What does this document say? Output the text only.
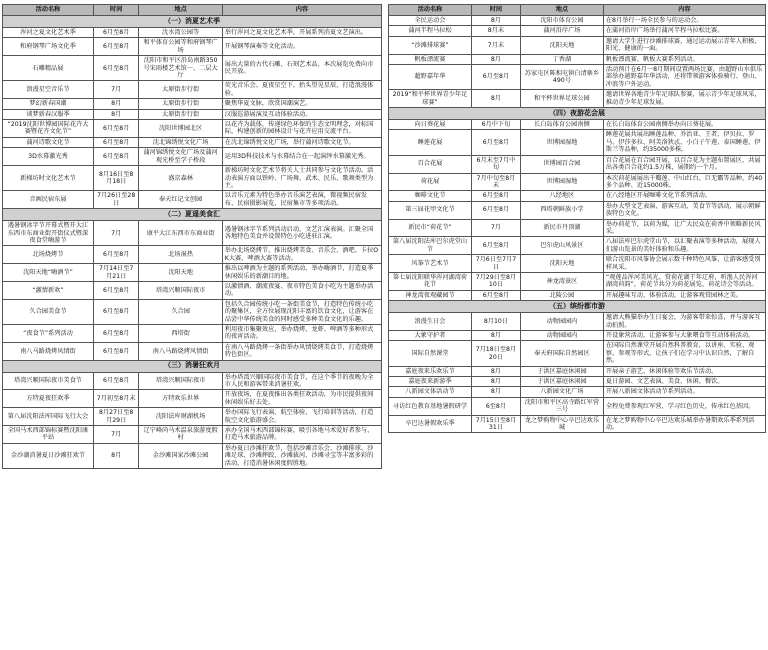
活动名称	时间	地点	内容
（一）消夏艺术季			
浑河之夏文化艺术季	6月至8月	沈水湾公园等	举行浑河之夏文化艺术季，开展系列消夏文艺演出。
和府钢琴广场文化季	6月至8月	和平体育公园等和府钢琴广场	开展钢琴演奏等文化活动。
石雕精品展	6月至8月	沈阳市和平区沿岛南路350号宋雨楼艺术馆一、二层大厅	展出大量的古代石雕、石刻艺术品，本次展览免费向市民开放。
浪漫星空音乐节	7月	太原街步行街	荧光音乐会、夏夜星空下，抬头望见星辰，打造浪漫体验。
梦幻新春国潮	8月	太原街步行街	聚焦华夏文脉，欣赏国潮演艺。
谈梦新春汉服季	8月	太原街步行街	汉服巡游展演及互动体验活动。
“2019沈阳世博园国际花卉大赛暨花卉文化节”	6月至8月	沈阳世博园北区	以花卉为载体，传递绿色环保的生态文明理念，对标国际，构建创新的园林设计与花卉应用交流平台。
蒲河诗歌文化节	6月至8月	沈北锦绣悦文化广场	在沈北锦绣悦文化广场，举行蒲河诗歌文化节。
3D水幕激光秀	6月至8月	蒲河锦绣悦文化广场及蒲河观光桥至学子桥段	运用3D科技技术与水幕结合在一起演绎水幕激光秀。
新梯坊时文化艺术节	8月16日至8月18日	盛京森林	新梯坊时文化艺术节将关人士共同参与文化节活动。活动表演方面以铁岭、广场舞、武术、民乐、歌舞类型为主。
音画民宿东展	7月26日至28日	奉天红记文创园	以音乐元素为特色举办音乐演艺表演，微视频民宿发布、民宿摄影展览、民宿集市等多项活动。
（二）夏遥美食汇			
遇暑钢冰字节开幕式暨开大江东西市东商业街开街仪式暨深夜食堂嗨游节	7月	康平大江东西市东商业街	遇暑钢冰字节系列活动启动，文艺汇演表演。汇聚全国各地特色美食并设置特色小吃进驻汇演。
北场烧烤节	6月至8月	北场湿热	举办北场烧烤节，推出烧烤美食、音乐会、酒吧、卡拉OK大赛、啤酒大赛等活动。
沈阳天地“嗨酒节”	7月14日至7月21日	沈阳天地	推出以啤酒为主题的系列活动，举办嗨酒节，打造夏季休闲娱乐的新潮目的地。
“激情新欢”	6月至8月	塔湾兴顺国际夜市	以激情酒、潮流夜宴、夜市特色美食小吃为主题举办活动。
久合园美食节	6月至8月	久合园	包括久合园传统小吃一条街美食节，打造特色传统小吃的聚集区，全方位展现沈阳丰富的饮食文化，让游客在品尝中华传统美食的同时感受多种美食文化的乐趣。
“夜食节”系列活动	6月至8月	西塔街	利用夜市集聚效应，举办烧烤、龙虾、啤酒等多种形式的夜宵活动。
南八马路烧烤风情街	6月至8月	南八马路烧烤风情街	在南八马路烧烤一条街举办风情烧烤美食节，打造烧烤特色街区。
（三）消暑狂欢月			
塔湾兴顺国际夜市美食节	6月至8月	塔湾兴顺国际夜市	举办塔湾兴顺国际夜市美食节，在这个季节的夜晚为全市人民和游客带来消暑狂欢。
方特夏夜狂欢季	7月初至8月末	方特欢乐世界	开放夜场，在夏夜推出各类狂欢活动，为市民提供夜间休闲娱乐好去处。
第八届沈阳法库国际飞行大会	8月27日至8月29日	沈阳法库财湖机场	举办国际飞行表演、航空体验、飞行培训等活动，打造航空文化旅游盛会。
全国马术西部锦标赛暨沈阳康平站	7月	辽宁峰尚马术温泉旅游度假村	承办全国马术西部锦标赛，吸引各地马术爱好者参与，打造马术旅游品牌。
金沙湖消暑夏日沙滩狂欢节	8月	金沙滩国家沙滩公园	举办夏日沙滩狂欢节，包括沙滩音乐会、沙滩排球、沙滩足球、沙滩摔跤、沙滩拔河、沙滩寻宝等丰富多彩的活动，打造消暑休闲度假胜地。
活动名称	时间	地点	内容
全民运动会	8月	沈阳市体育公园	在8月举行一场全民参与的运动会。
蒲河半程马拉松	8月末	蒲河沿岸广场	在蒲河沿岸广场举行蒲河半程马拉松比赛。
“沙滩排球赛”	7月末	沈阳天地	邀请大学生进行沙滩排球赛，通过运动展示青年人积极、阳光、健康的一面。
帆板漂流赛	8月	丁香湖	帆板漂流赛、帆板大赛系列活动。
超野嘉年华	6月至8月	苏家屯区陈相屯镇白清寨乡490号	活动预计在6月一8月期间设置两场比赛，由超野山水俱乐部举办越野嘉年华活动，还将带领游客体验骑行、登山、冲浪等户外运动。
2019“和平杯世界青少年足球赛”	8月	和平杯世界足球公园	邀请世界各地青少年足球队参赛，展示青少年足球风采，推动青少年足球发展。
（四）夜游花会展			
向日葵花展	6月中下旬	长白岛体育公园南侧	在长白岛体育公园南侧举办向日葵花展。
睡莲花展	6月至8月	世博园湿地	睡莲花展共展出睡莲品种、乔治亚、王者、伊贝拉、罗马、伊莎多拉、阿芙洛狄忒、小白子午莲、泰国睡莲、伊斯兰等品种，约35000多株。
百合花展	6月末至7月中旬	世博园百合园	百合花展在百合园开展，以百合花为主题布置展区，共展出各类百合花约1.5万株，展期约一个月。
荷花展	7月中旬至8月末	世博园湿地	本次荷花展展出千瓣莲、中山红台、巨无霸等品种，约40多个品种、近15000株。
咖啡文化节	6月至8月	八经地区	在八经地区开展咖啡文化节系列活动。
第三届花甲文化节	6月至8月	西塔朝鲜族小学	举办大型文艺表演、游客互动、美食节等活动，展示朝鲜族特色文化。
新民市“荷花节”	7月	新民市丹顶湖	举办荷花节，以荷为媒，让广大民众在荷香中领略新民风采。
第八届沈阳法库巴尔虎堂山节	6月至8月	巴尔虎山风景区	八届法库巴尔虎堂山节，以汇聚表演等多种活动，展现人们游山览景的美好体验和乐趣。
风筝节艺术节	7月6日至7月7日	沈阳天地	联合沈阳市风筝协会展示数千种特色风筝，让游客感受别样风采。
第七届沈阳联华浑河湖湾荷花节	7月29日至8月10日	神龙湾景区	“观莲品浑河美风光、赏荷花湖干年辽府，听渔人民浑河湖湾荷韵”，荷花节共分为荷花展览、荷花诗会等活动。
神龙湾夜观藏园节	6月至8月	北陵公园	开展趣味互动、体验活动，让游客观赏园林之美。
（五）缤纷都市游			
浪漫生日会	8月10日	动物园园内	邀请大熊猫举办生日宴会，为游客带来惊喜，并与游客互动拍照。
大象守护者	8月	动物园园内	开设象营活动，让游客参与大象喂食等互动体验活动。
国际自然课堂	7月18日至8月20日	奉天府国际自然园区	在国际自然课堂开展自然科普教育，以讲座、实验、观察、参观等形式，让孩子们在学习中认识自然，了解自然。
嘉庭夜来乐欢乐节	8月	于洪区嘉庭休闲园	开展亲子游艺、休闲体验等欢乐节活动。
嘉庭夜来新游季	8月	于洪区嘉庭休闲园	夏日游园、文艺表演、美食、休闲、餐饮。
八新园文体活动节	8月	八新园文化广场	开展八新园文体活动节系列活动。
寻访红色教育基地暑假研学	6至8月	沈阳市和平区高寺路红军营三号	全程免费参观红军营，学习红色历史，传承红色基因。
卒巴达暑假欢乐季	7月15日至8月31日	龙之梦购物中心卒巴达欢乐城	在龙之梦购物中心卒巴达欢乐城举办暑期欢乐季系列活动。
